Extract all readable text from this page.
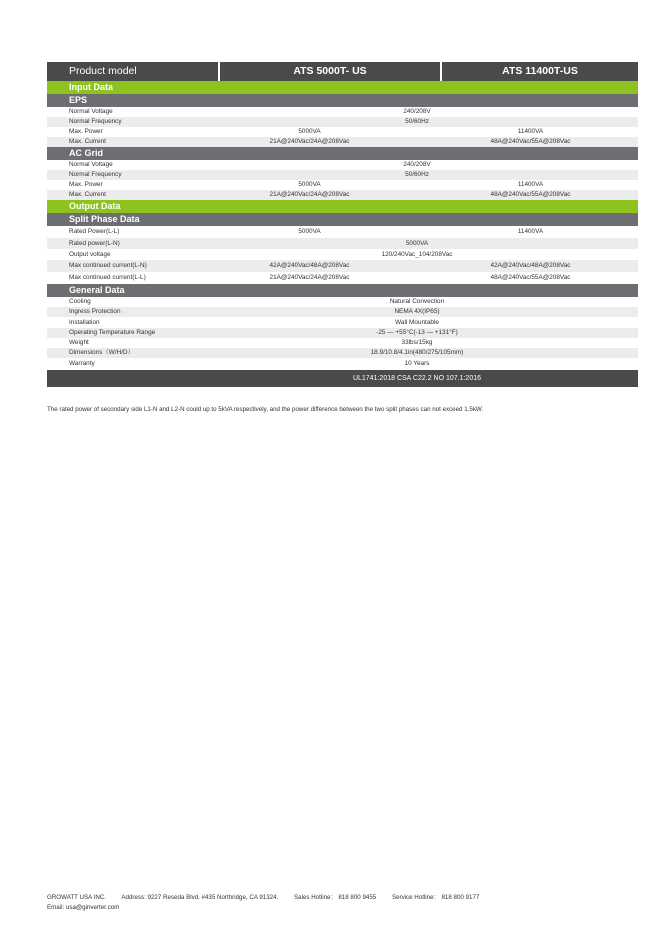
Product model	ATS 5000T- US	ATS 11400T-US
Input Data
EPS
Normal Voltage	240/208V
Normal Frequency	50/60Hz
Max. Power	5000VA	11400VA
Max. Current	21A@240Vac/24A@208Vac	48A@240Vac/55A@208Vac
AC Grid
Normal Voltage	240/208V
Normal Frequency	50/60Hz
Max. Power	5000VA	11400VA
Max. Current	21A@240Vac/24A@208Vac	48A@240Vac/55A@208Vac
Output Data
Split Phase Data
Rated Power(L-L)	5000VA	11400VA
Rated power(L-N)	5000VA
Output voltage	120/240Vac_104/208Vac
Max continued current(L-N)	42A@240Vac/48A@208Vac	42A@240Vac/48A@208Vac
Max continued current(L-L)	21A@240Vac/24A@208Vac	48A@240Vac/55A@208Vac
General Data
Cooling	Natural Convection
Ingress Protection	NEMA 4X(IP65)
Installation	Wall Mountable
Operating Temperature Range	-25 — +55°C(-13 — +131°F)
Weight	33lbs/15kg
Dimensions（W/H/D）	18.9/10.8/4.1in(480/275/105mm)
Warranty	10 Years
UL1741:2018 CSA C22.2 NO 107.1:2016
The rated power of secondary side L1-N and L2-N could up to 5kVA respectively, and the power difference between the two split phases can not exceed 1.5kW.
GROWATT USA INC. Address: 9227 Reseda Blvd. #435 Northridge, CA 91324.	Sales Hotline： 818 800 9455	Service Hotline： 818 800 9177
Email: usa@ginverter.com
